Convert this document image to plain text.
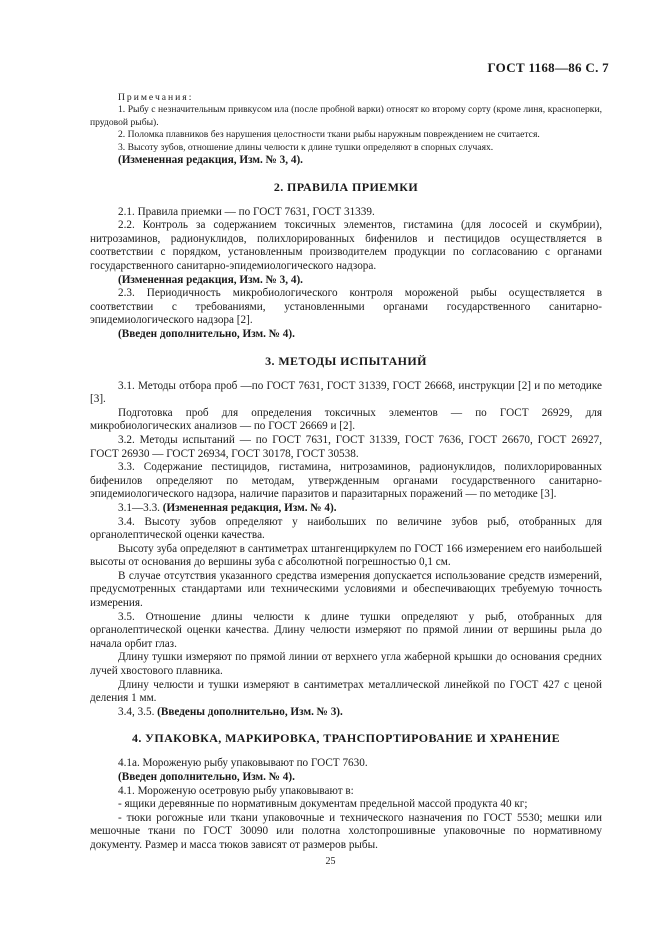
ГОСТ 1168—86 С. 7

Примечания:

1. Рыбу с незначительным привкусом ила (после пробной варки) относят ко второму сорту (кроме линя, красноперки, прудовой рыбы).

2. Поломка плавников без нарушения целостности ткани рыбы наружным повреждением не считается.

3. Высоту зубов, отношение длины челюсти к длине тушки определяют в спорных случаях.

(Измененная редакция, Изм. № 3, 4).

2. ПРАВИЛА ПРИЕМКИ

2.1. Правила приемки — по ГОСТ 7631, ГОСТ 31339.

2.2. Контроль за содержанием токсичных элементов, гистамина (для лососей и скумбрии), нитрозаминов, радионуклидов, полихлорированных бифенилов и пестицидов осуществляется в соответствии с порядком, установленным производителем продукции по согласованию с органами государственного санитарно-эпидемиологического надзора.

(Измененная редакция, Изм. № 3, 4).

2.3. Периодичность микробиологического контроля мороженой рыбы осуществляется в соответствии с требованиями, установленными органами государственного санитарно-эпидемиологического надзора [2].

(Введен дополнительно, Изм. № 4).

3. МЕТОДЫ ИСПЫТАНИЙ

3.1. Методы отбора проб —по ГОСТ 7631, ГОСТ 31339, ГОСТ 26668, инструкции [2] и по методике [3].

Подготовка проб для определения токсичных элементов — по ГОСТ 26929, для микробиологических анализов — по ГОСТ 26669 и [2].

3.2. Методы испытаний — по ГОСТ 7631, ГОСТ 31339, ГОСТ 7636, ГОСТ 26670, ГОСТ 26927, ГОСТ 26930 — ГОСТ 26934, ГОСТ 30178, ГОСТ 30538.

3.3. Содержание пестицидов, гистамина, нитрозаминов, радионуклидов, полихлорированных бифенилов определяют по методам, утвержденным органами государственного санитарно-эпидемиологического надзора, наличие паразитов и паразитарных поражений — по методике [3].

3.1—3.3. (Измененная редакция, Изм. № 4).

3.4. Высоту зубов определяют у наибольших по величине зубов рыб, отобранных для органолептической оценки качества.

Высоту зуба определяют в сантиметрах штангенциркулем по ГОСТ 166 измерением его наибольшей высоты от основания до вершины зуба с абсолютной погрешностью 0,1 см.

В случае отсутствия указанного средства измерения допускается использование средств измерений, предусмотренных стандартами или техническими условиями и обеспечивающих требуемую точность измерения.

3.5. Отношение длины челюсти к длине тушки определяют у рыб, отобранных для органолептической оценки качества. Длину челюсти измеряют по прямой линии от вершины рыла до начала орбит глаз.

Длину тушки измеряют по прямой линии от верхнего угла жаберной крышки до основания средних лучей хвостового плавника.

Длину челюсти и тушки измеряют в сантиметрах металлической линейкой по ГОСТ 427 с ценой деления 1 мм.

3.4, 3.5. (Введены дополнительно, Изм. № 3).

4. УПАКОВКА, МАРКИРОВКА, ТРАНСПОРТИРОВАНИЕ И ХРАНЕНИЕ

4.1а. Мороженую рыбу упаковывают по ГОСТ 7630.

(Введен дополнительно, Изм. № 4).

4.1. Мороженую осетровую рыбу упаковывают в:

- ящики деревянные по нормативным документам предельной массой продукта 40 кг;

- тюки рогожные или ткани упаковочные и технического назначения по ГОСТ 5530; мешки или мешочные ткани по ГОСТ 30090 или полотна холстопрошивные упаковочные по нормативному документу. Размер и масса тюков зависят от размеров рыбы.

25
